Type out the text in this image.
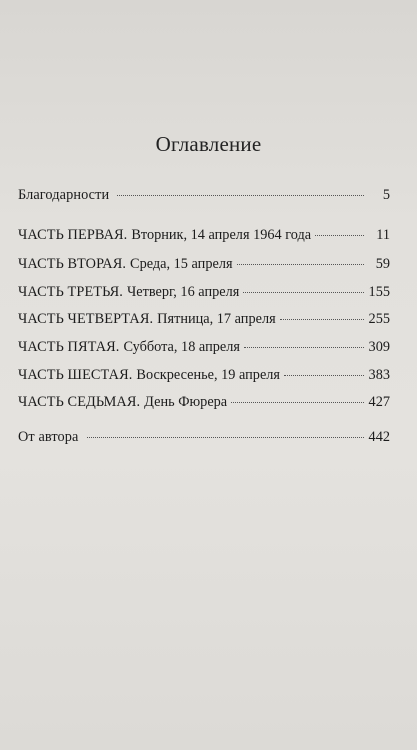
Оглавление
Благодарности	5
ЧАСТЬ ПЕРВАЯ. Вторник, 14 апреля 1964 года	11
ЧАСТЬ ВТОРАЯ. Среда, 15 апреля	59
ЧАСТЬ ТРЕТЬЯ. Четверг, 16 апреля	155
ЧАСТЬ ЧЕТВЕРТАЯ. Пятница, 17 апреля	255
ЧАСТЬ ПЯТАЯ. Суббота, 18 апреля	309
ЧАСТЬ ШЕСТАЯ. Воскресенье, 19 апреля	383
ЧАСТЬ СЕДЬМАЯ. День Фюрера	427
От автора	442
